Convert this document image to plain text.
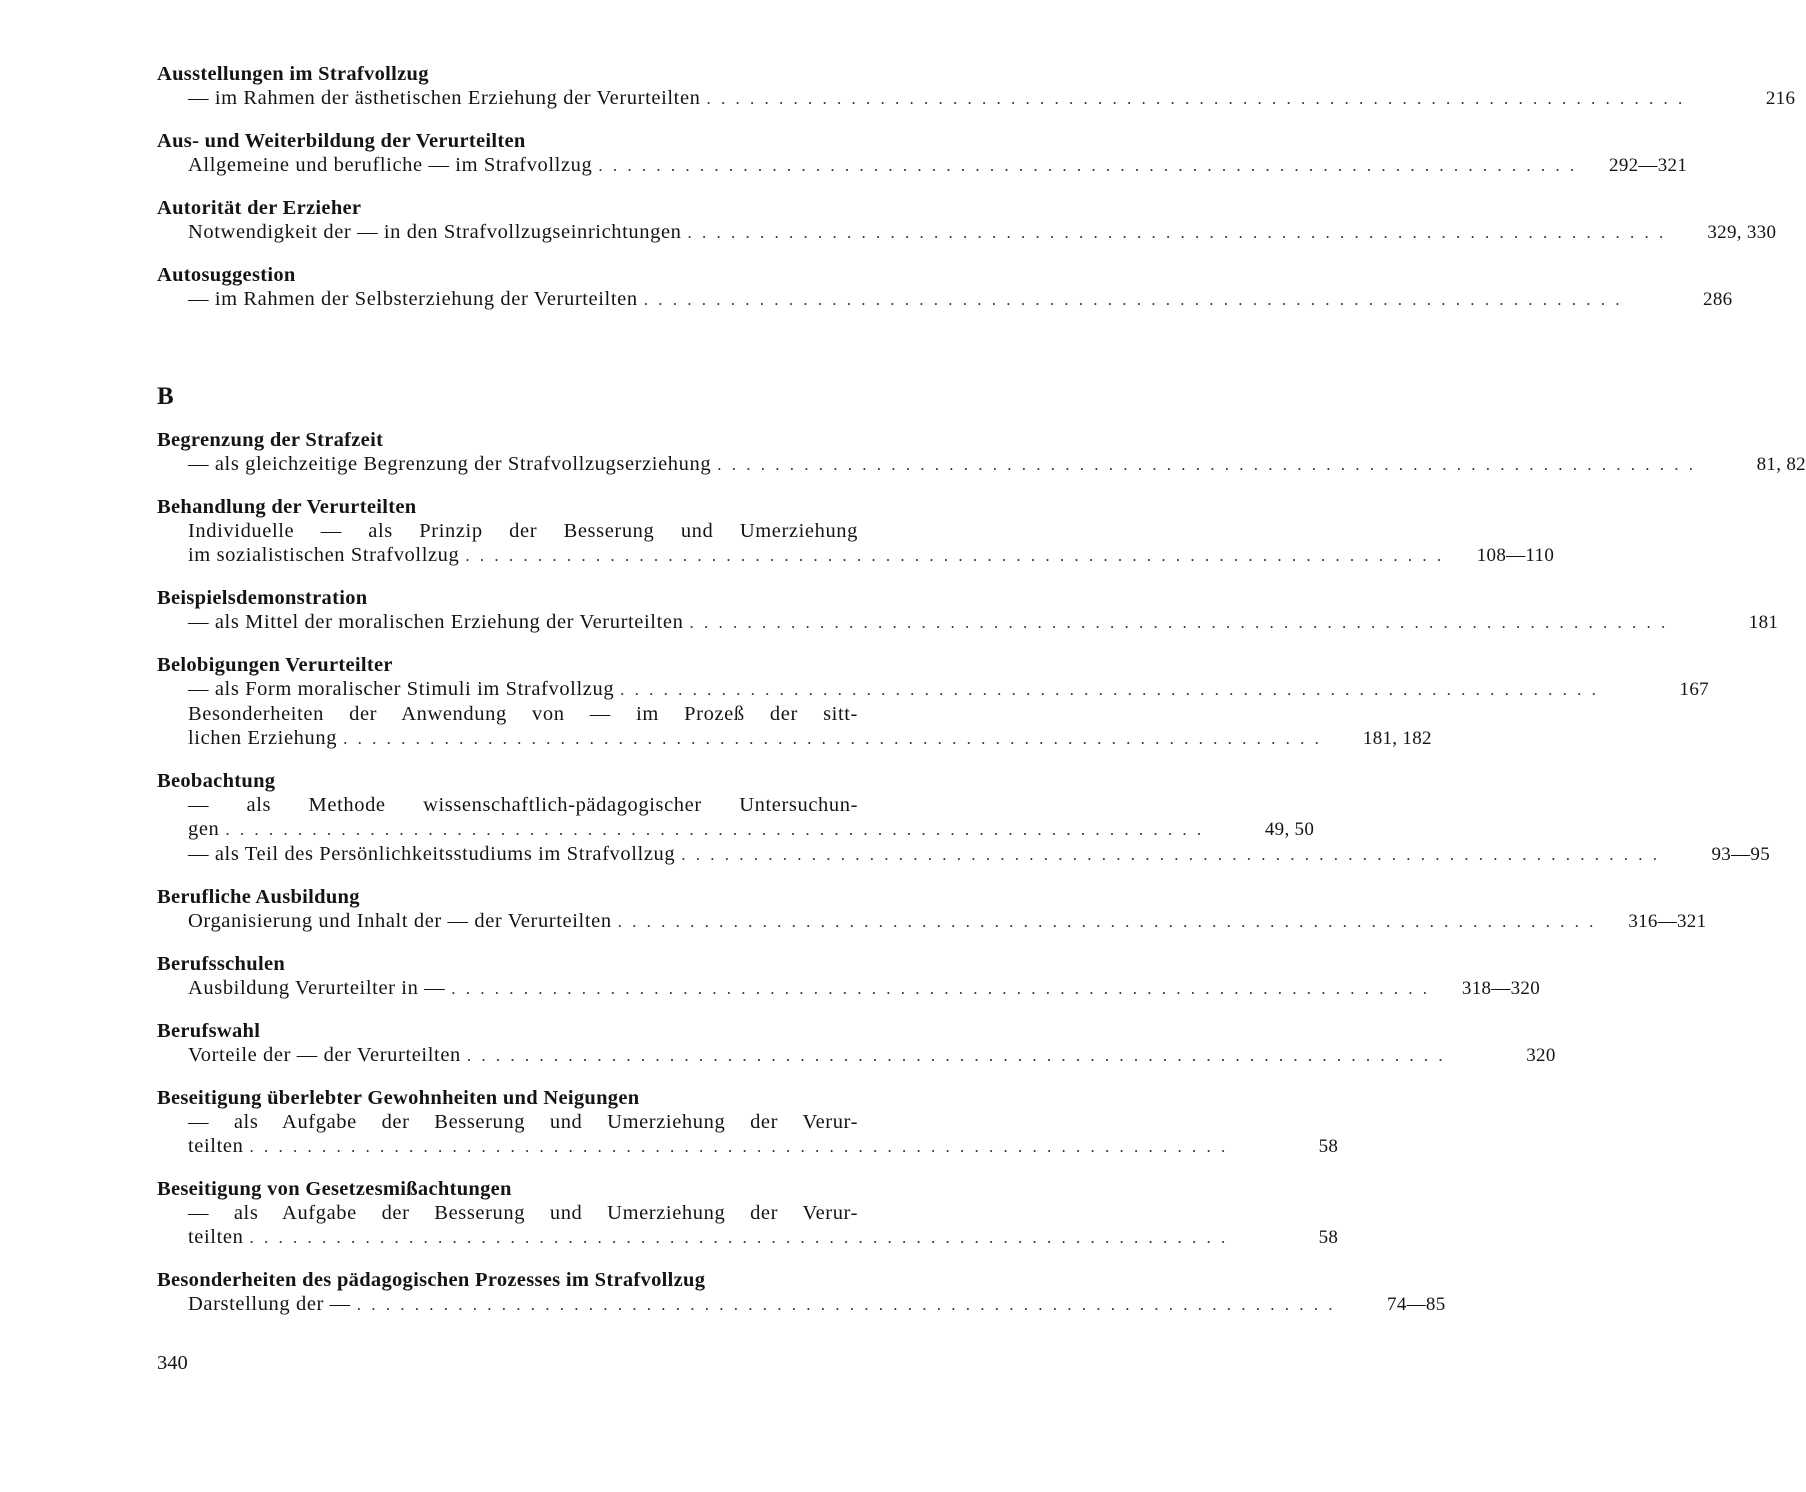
Ausstellungen im Strafvollzug
— im Rahmen der ästhetischen Erziehung der Verurteilten . . . . . . . . . . . . . . . . . . . . . . . . . . . . . . . . . . . . . . . . . . . . . . . . . . . . . . . . . . . . . . . . . . . .	216
Aus- und Weiterbildung der Verurteilten
Allgemeine und berufliche — im Strafvollzug . . . . . . . . . . . . . . . . . . . . . . . . . . . . . . . . . . . . . . . . . . . . . . . . . . . . . . . . . . . . . . . . . . . .	292—321
Autorität der Erzieher
Notwendigkeit der — in den Strafvollzugseinrichtungen . . . . . . . . . . . . . . . . . . . . . . . . . . . . . . . . . . . . . . . . . . . . . . . . . . . . . . . . . . . . . . . . . . . .	329, 330
Autosuggestion
— im Rahmen der Selbsterziehung der Verurteilten . . . . . . . . . . . . . . . . . . . . . . . . . . . . . . . . . . . . . . . . . . . . . . . . . . . . . . . . . . . . . . . . . . . .	286
B
Begrenzung der Strafzeit
— als gleichzeitige Begrenzung der Strafvollzugserziehung . . . . . . . . . . . . . . . . . . . . . . . . . . . . . . . . . . . . . . . . . . . . . . . . . . . . . . . . . . . . . . . . . . . .	81, 82
Behandlung der Verurteilten
Individuelle — als Prinzip der Besserung und Umerziehung
im sozialistischen Strafvollzug . . . . . . . . . . . . . . . . . . . . . . . . . . . . . . . . . . . . . . . . . . . . . . . . . . . . . . . . . . . . . . . . . . . .	108—110
Beispielsdemonstration
— als Mittel der moralischen Erziehung der Verurteilten . . . . . . . . . . . . . . . . . . . . . . . . . . . . . . . . . . . . . . . . . . . . . . . . . . . . . . . . . . . . . . . . . . . .	181
Belobigungen Verurteilter
— als Form moralischer Stimuli im Strafvollzug . . . . . . . . . . . . . . . . . . . . . . . . . . . . . . . . . . . . . . . . . . . . . . . . . . . . . . . . . . . . . . . . . . . .	167
Besonderheiten der Anwendung von — im Prozeß der sitt-
lichen Erziehung . . . . . . . . . . . . . . . . . . . . . . . . . . . . . . . . . . . . . . . . . . . . . . . . . . . . . . . . . . . . . . . . . . . .	181, 182
Beobachtung
— als Methode wissenschaftlich-pädagogischer Untersuchun-
gen . . . . . . . . . . . . . . . . . . . . . . . . . . . . . . . . . . . . . . . . . . . . . . . . . . . . . . . . . . . . . . . . . . . .	49, 50
— als Teil des Persönlichkeitsstudiums im Strafvollzug . . . . . . . . . . . . . . . . . . . . . . . . . . . . . . . . . . . . . . . . . . . . . . . . . . . . . . . . . . . . . . . . . . . .	93—95
Berufliche Ausbildung
Organisierung und Inhalt der — der Verurteilten . . . . . . . . . . . . . . . . . . . . . . . . . . . . . . . . . . . . . . . . . . . . . . . . . . . . . . . . . . . . . . . . . . . .	316—321
Berufsschulen
Ausbildung Verurteilter in — . . . . . . . . . . . . . . . . . . . . . . . . . . . . . . . . . . . . . . . . . . . . . . . . . . . . . . . . . . . . . . . . . . . .	318—320
Berufswahl
Vorteile der — der Verurteilten . . . . . . . . . . . . . . . . . . . . . . . . . . . . . . . . . . . . . . . . . . . . . . . . . . . . . . . . . . . . . . . . . . . .	320
Beseitigung überlebter Gewohnheiten und Neigungen
— als Aufgabe der Besserung und Umerziehung der Verur-
teilten . . . . . . . . . . . . . . . . . . . . . . . . . . . . . . . . . . . . . . . . . . . . . . . . . . . . . . . . . . . . . . . . . . . .	58
Beseitigung von Gesetzesmißachtungen
— als Aufgabe der Besserung und Umerziehung der Verur-
teilten . . . . . . . . . . . . . . . . . . . . . . . . . . . . . . . . . . . . . . . . . . . . . . . . . . . . . . . . . . . . . . . . . . . .	58
Besonderheiten des pädagogischen Prozesses im Strafvollzug
Darstellung der — . . . . . . . . . . . . . . . . . . . . . . . . . . . . . . . . . . . . . . . . . . . . . . . . . . . . . . . . . . . . . . . . . . . .	74—85
340
